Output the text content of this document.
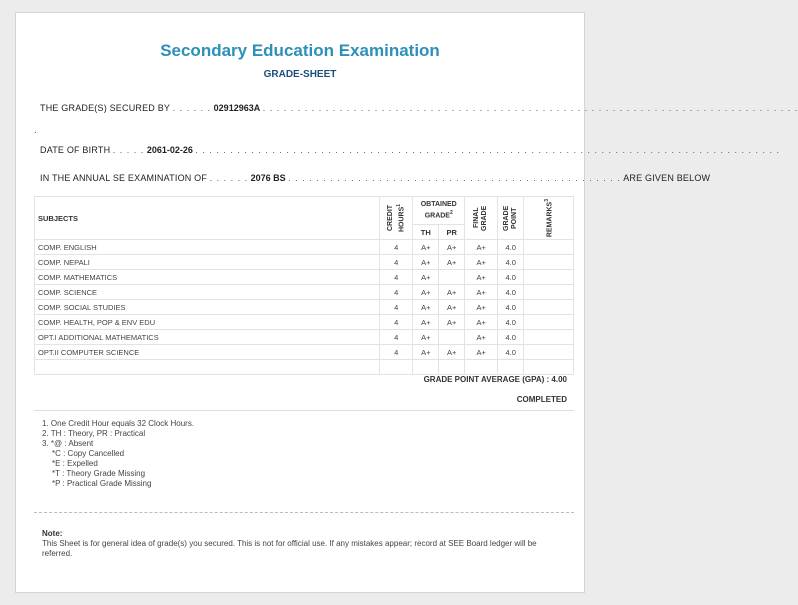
Secondary Education Examination
GRADE-SHEET
THE GRADE(S) SECURED BY . . . . . . 02912963A . . . . . . . . . . . . . . . . . . . . . . . . . . . . . . . . . . . . . . . . . . . . . . . . . . . . . . . . . . . . . . . . . . . . . . . . . . . . .
.
DATE OF BIRTH . . . . . 2061-02-26 . . . . . . . . . . . . . . . . . . . . . . . . . . . . . . . . . . . . . . . . . . . . . . . . . . . . . . . . . . . . . . . . . . . . . . . . . . . . . . . . . . . .
IN THE ANNUAL SE EXAMINATION OF . . . . . . 2076 BS . . . . . . . . . . . . . . . . . . . . . . . . . . . . . . . . . . . . . . . . . . . . . . . . ARE GIVEN BELOW
SUBJECTS	CREDIT HOURS$^1$	OBTAINED GRADE$^2$		FINAL GRADE	GRADE POINT	REMARKS$^3$

		TH	PR			
COMP. ENGLISH	4	A+	A+	A+	4.0	
COMP. NEPALI	4	A+	A+	A+	4.0	
COMP. MATHEMATICS	4	A+		A+	4.0	
COMP. SCIENCE	4	A+	A+	A+	4.0	
COMP. SOCIAL STUDIES	4	A+	A+	A+	4.0	
COMP. HEALTH, POP & ENV EDU	4	A+	A+	A+	4.0	
OPT.I ADDITIONAL MATHEMATICS	4	A+		A+	4.0	
OPT.II COMPUTER SCIENCE	4	A+	A+	A+	4.0	

GRADE POINT AVERAGE (GPA) : 4.00
COMPLETED
1. One Credit Hour equals 32 Clock Hours.
2. TH : Theory, PR : Practical
3. *@ : Absent
*C : Copy Cancelled
*E : Expelled
*T : Theory Grade Missing
*P : Practical Grade Missing
Note:
This Sheet is for general idea of grade(s) you secured. This is not for official use. If any mistakes appear; record at SEE Board ledger will be referred.
